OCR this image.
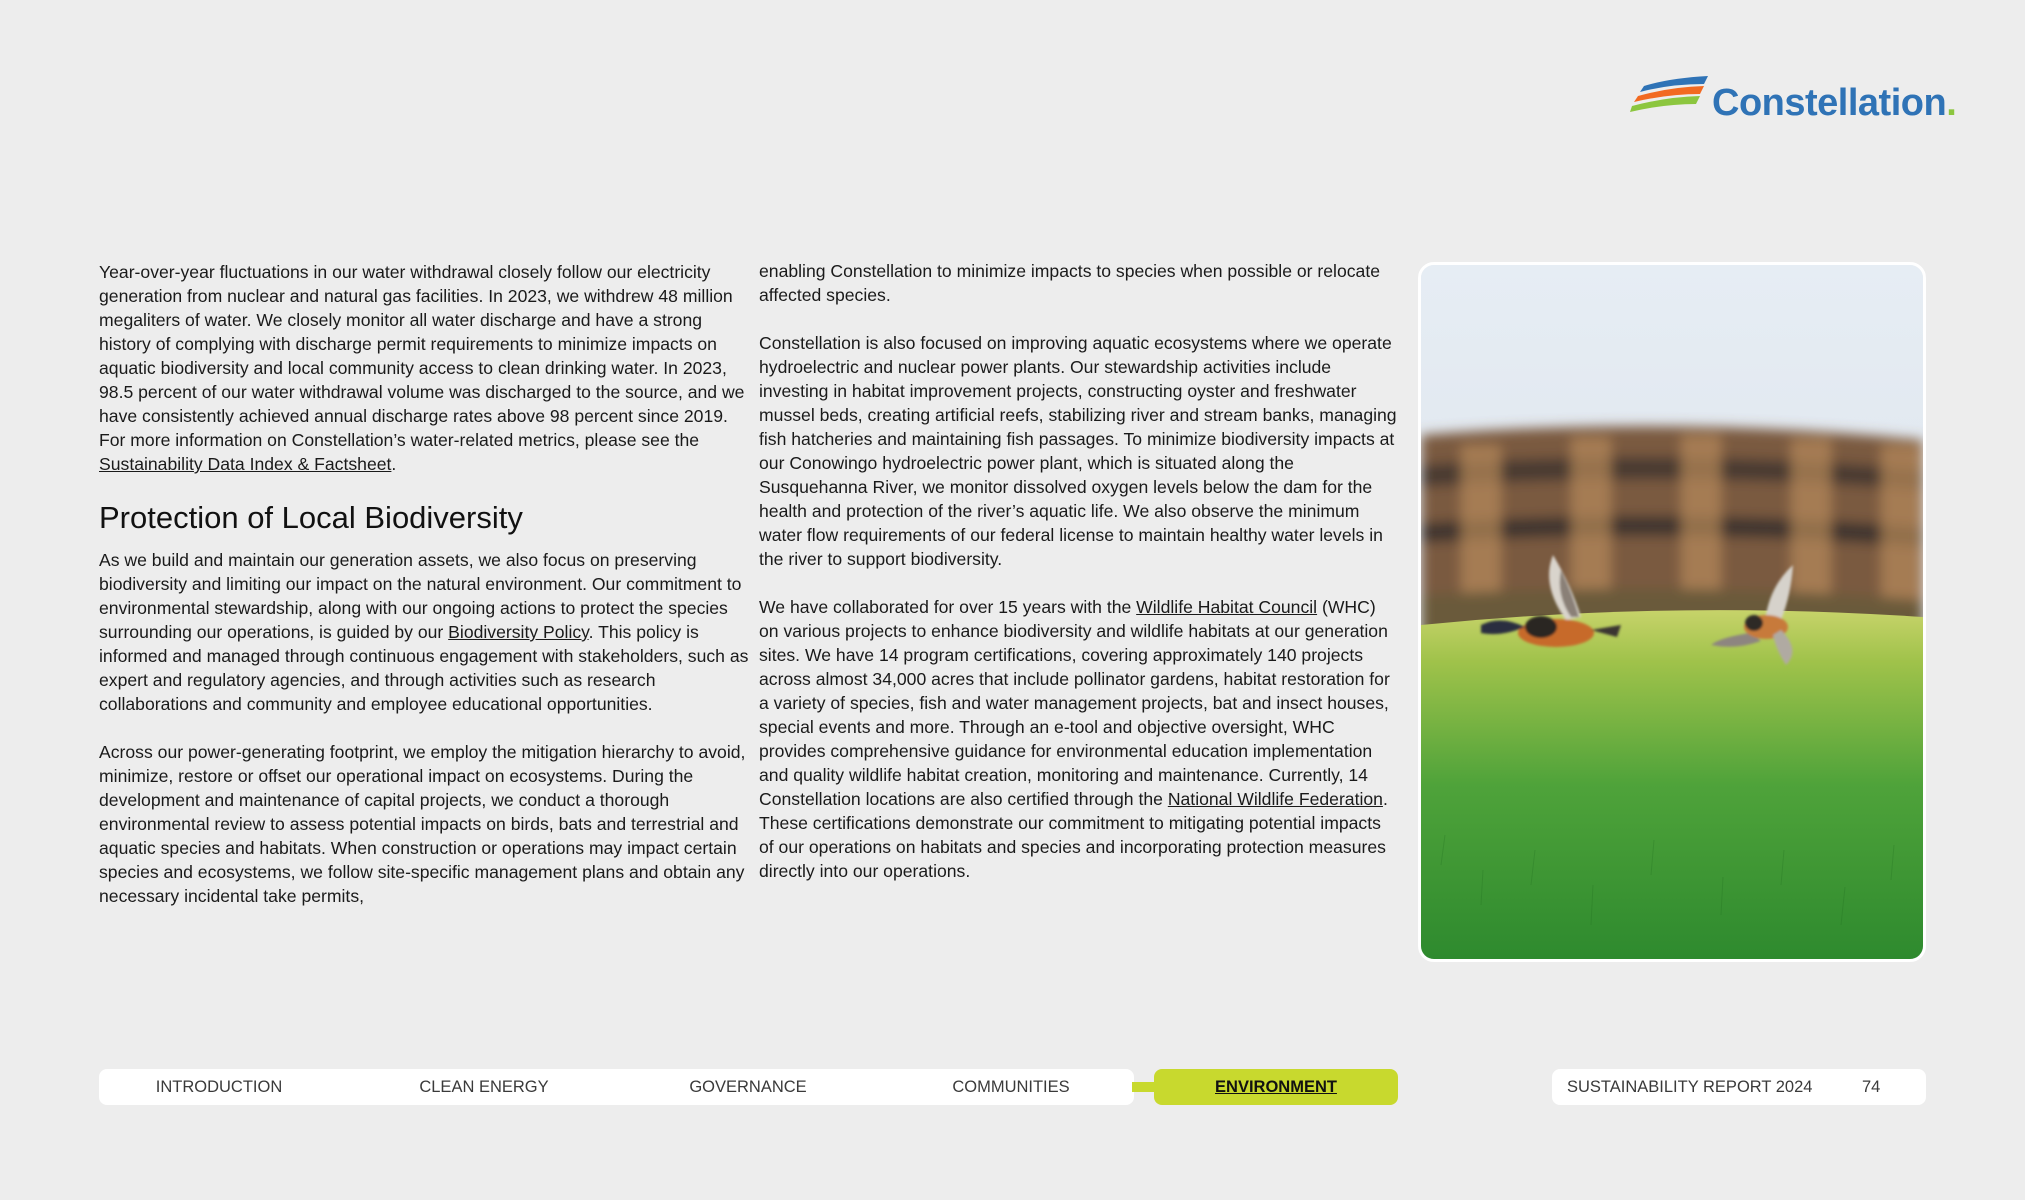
Constellation.

Year-over-year fluctuations in our water withdrawal closely follow our electricity generation from nuclear and natural gas facilities. In 2023, we withdrew 48 million megaliters of water. We closely monitor all water discharge and have a strong history of complying with discharge permit requirements to minimize impacts on aquatic biodiversity and local community access to clean drinking water. In 2023, 98.5 percent of our water withdrawal volume was discharged to the source, and we have consistently achieved annual discharge rates above 98 percent since 2019. For more information on Constellation’s water-related metrics, please see the Sustainability Data Index & Factsheet.

Protection of Local Biodiversity

As we build and maintain our generation assets, we also focus on preserving biodiversity and limiting our impact on the natural environment. Our commitment to environmental stewardship, along with our ongoing actions to protect the species surrounding our operations, is guided by our Biodiversity Policy. This policy is informed and managed through continuous engagement with stakeholders, such as expert and regulatory agencies, and through activities such as research collaborations and community and employee educational opportunities.

Across our power-generating footprint, we employ the mitigation hierarchy to avoid, minimize, restore or offset our operational impact on ecosystems. During the development and maintenance of capital projects, we conduct a thorough environmental review to assess potential impacts on birds, bats and terrestrial and aquatic species and habitats. When construction or operations may impact certain species and ecosystems, we follow site-specific management plans and obtain any necessary incidental take permits,

enabling Constellation to minimize impacts to species when possible or relocate affected species.

Constellation is also focused on improving aquatic ecosystems where we operate hydroelectric and nuclear power plants. Our stewardship activities include investing in habitat improvement projects, constructing oyster and freshwater mussel beds, creating artificial reefs, stabilizing river and stream banks, managing fish hatcheries and maintaining fish passages. To minimize biodiversity impacts at our Conowingo hydroelectric power plant, which is situated along the Susquehanna River, we monitor dissolved oxygen levels below the dam for the health and protection of the river’s aquatic life. We also observe the minimum water flow requirements of our federal license to maintain healthy water levels in the river to support biodiversity.

We have collaborated for over 15 years with the Wildlife Habitat Council (WHC) on various projects to enhance biodiversity and wildlife habitats at our generation sites. We have 14 program certifications, covering approximately 140 projects across almost 34,000 acres that include pollinator gardens, habitat restoration for a variety of species, fish and water management projects, bat and insect houses, special events and more. Through an e-tool and objective oversight, WHC provides comprehensive guidance for environmental education implementation and quality wildlife habitat creation, monitoring and maintenance. Currently, 14 Constellation locations are also certified through the National Wildlife Federation. These certifications demonstrate our commitment to mitigating potential impacts of our operations on habitats and species and incorporating protection measures directly into our operations.

INTRODUCTION	CLEAN ENERGY	GOVERNANCE	COMMUNITIES	ENVIRONMENT	SUSTAINABILITY REPORT 2024	74
